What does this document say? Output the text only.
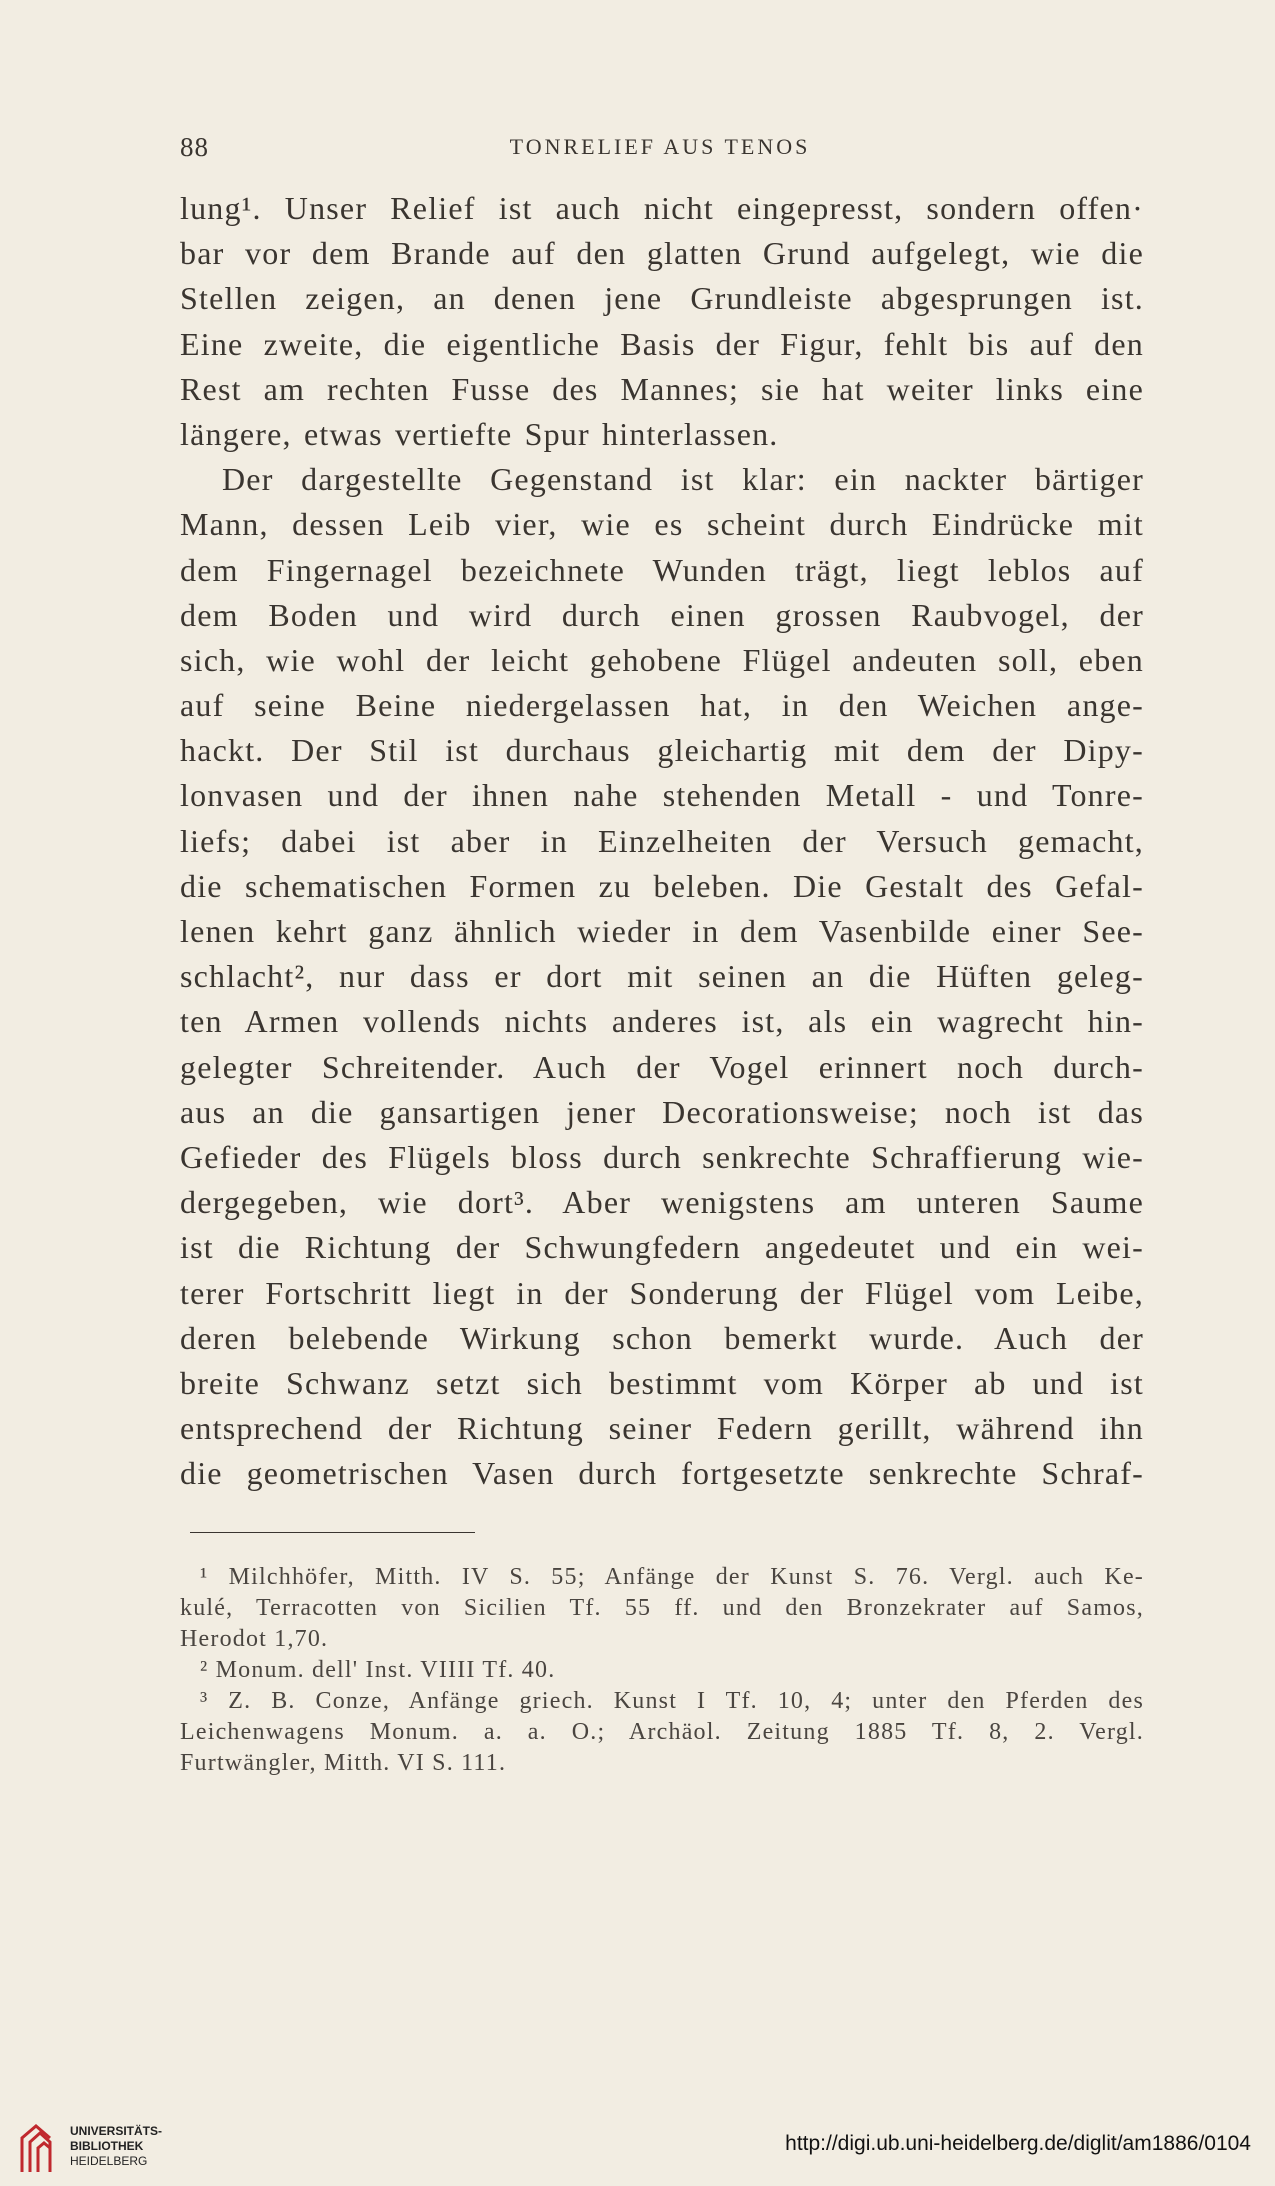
88	TONRELIEF AUS TENOS
lung¹. Unser Relief ist auch nicht eingepresst, sondern offen·
bar vor dem Brande auf den glatten Grund aufgelegt, wie die
Stellen zeigen, an denen jene Grundleiste abgesprungen ist.
Eine zweite, die eigentliche Basis der Figur, fehlt bis auf den
Rest am rechten Fusse des Mannes; sie hat weiter links eine
längere, etwas vertiefte Spur hinterlassen.
Der dargestellte Gegenstand ist klar: ein nackter bärtiger
Mann, dessen Leib vier, wie es scheint durch Eindrücke mit
dem Fingernagel bezeichnete Wunden trägt, liegt leblos auf
dem Boden und wird durch einen grossen Raubvogel, der
sich, wie wohl der leicht gehobene Flügel andeuten soll, eben
auf seine Beine niedergelassen hat, in den Weichen ange-
hackt. Der Stil ist durchaus gleichartig mit dem der Dipy-
lonvasen und der ihnen nahe stehenden Metall - und Tonre-
liefs; dabei ist aber in Einzelheiten der Versuch gemacht,
die schematischen Formen zu beleben. Die Gestalt des Gefal-
lenen kehrt ganz ähnlich wieder in dem Vasenbilde einer See-
schlacht², nur dass er dort mit seinen an die Hüften geleg-
ten Armen vollends nichts anderes ist, als ein wagrecht hin-
gelegter Schreitender. Auch der Vogel erinnert noch durch-
aus an die gansartigen jener Decorationsweise; noch ist das
Gefieder des Flügels bloss durch senkrechte Schraffierung wie-
dergegeben, wie dort³. Aber wenigstens am unteren Saume
ist die Richtung der Schwungfedern angedeutet und ein wei-
terer Fortschritt liegt in der Sonderung der Flügel vom Leibe,
deren belebende Wirkung schon bemerkt wurde. Auch der
breite Schwanz setzt sich bestimmt vom Körper ab und ist
entsprechend der Richtung seiner Federn gerillt, während ihn
die geometrischen Vasen durch fortgesetzte senkrechte Schraf-
¹ Milchhöfer, Mitth. IV S. 55; Anfänge der Kunst S. 76. Vergl. auch Ke-
kulé, Terracotten von Sicilien Tf. 55 ff. und den Bronzekrater auf Samos,
Herodot 1,70.
² Monum. dell' Inst. VIIII Tf. 40.
³ Z. B. Conze, Anfänge griech. Kunst I Tf. 10, 4; unter den Pferden des
Leichenwagens Monum. a. a. O.; Archäol. Zeitung 1885 Tf. 8, 2. Vergl.
Furtwängler, Mitth. VI S. 111.
UNIVERSITÄTS-
BIBLIOTHEK
HEIDELBERG
http://digi.ub.uni-heidelberg.de/diglit/am1886/0104
